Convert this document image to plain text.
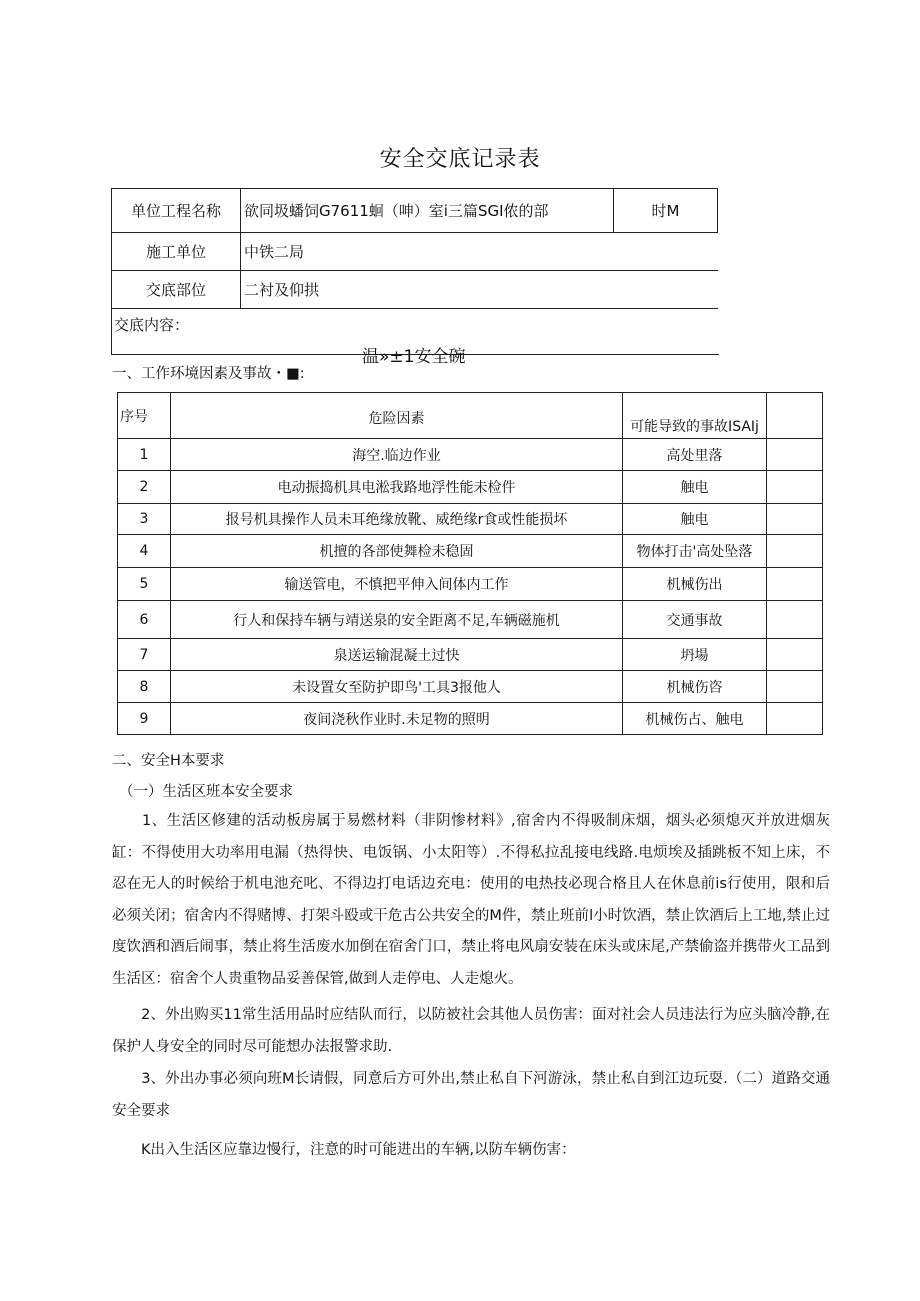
安全交底记录表
单位工程名称	欲同圾蟠饲G7611蛔（呻）室i三篇SGI侬的部	时M
施工单位	中铁二局	
交底部位	二衬及仰拱	
交底内容：
温»±1安全碗
一、工作环境因素及事故・■:
序号	危险因素	可能导致的事故ISAIj	
1	海空.临边作业	高处里落	
2	电动振捣机具电淞我路地浮性能未检件	触电	
3	报号机具操作人员未耳绝缘放靴、威绝缘r食或性能损坏	触电	
4	机擅的各部使舞检未稳固	物体打击'高处坠落	
5	输送管电，不慎把平伸入间体内工作	机械伤出	
6	行人和保持车辆与靖送泉的安全距离不足,车辆磁施机	交通事故	
7	泉送运输混凝土过快	坍場	
8	未设置女至防护即鸟'工具3报他人	机械伤咨	
9	夜间浇秋作业时.未足物的照明	机械伤占、触电	
二、安全H本要求
（一）生活区班本安全要求
　　1、生活区修建的活动板房属于易燃材料（非阴惨材料》,宿舍内不得吸制床烟，烟头必须熄灭并放进烟灰缸：不得使用大功率用电漏（热得快、电饭锅、小太阳等）.不得私拉乱接电线路.电烦埃及插跳板不知上床，不忍在无人的时候给于机电池充叱、不得边打电话边充电：使用的电热技必现合格且人在休息前is行使用，限和后必须关闭；宿舍内不得赌博、打架斗殴或干危古公共安全的M件，禁止班前l小时饮酒，禁止饮酒后上工地,禁止过度饮酒和酒后闹事，禁止将生活废水加倒在宿舍门口，禁止将电风扇安装在床头或床尾,产禁偷盗并携带火工品到生活区：宿舍个人贵重物品妥善保管,做到人走停电、人走熄火。
　　2、外出购买11常生活用品时应结队而行，以防被社会其他人员伤害：面对社会人员违法行为应头脑冷静,在保护人身安全的同时尽可能想办法报警求助.
　　3、外出办事必须向班M长请假，同意后方可外出,禁止私自下河游泳，禁止私自到江边玩耍.（二）道路交通安全要求
　　K出入生活区应靠边慢行，注意的时可能进出的车辆,以防车辆伤害：
